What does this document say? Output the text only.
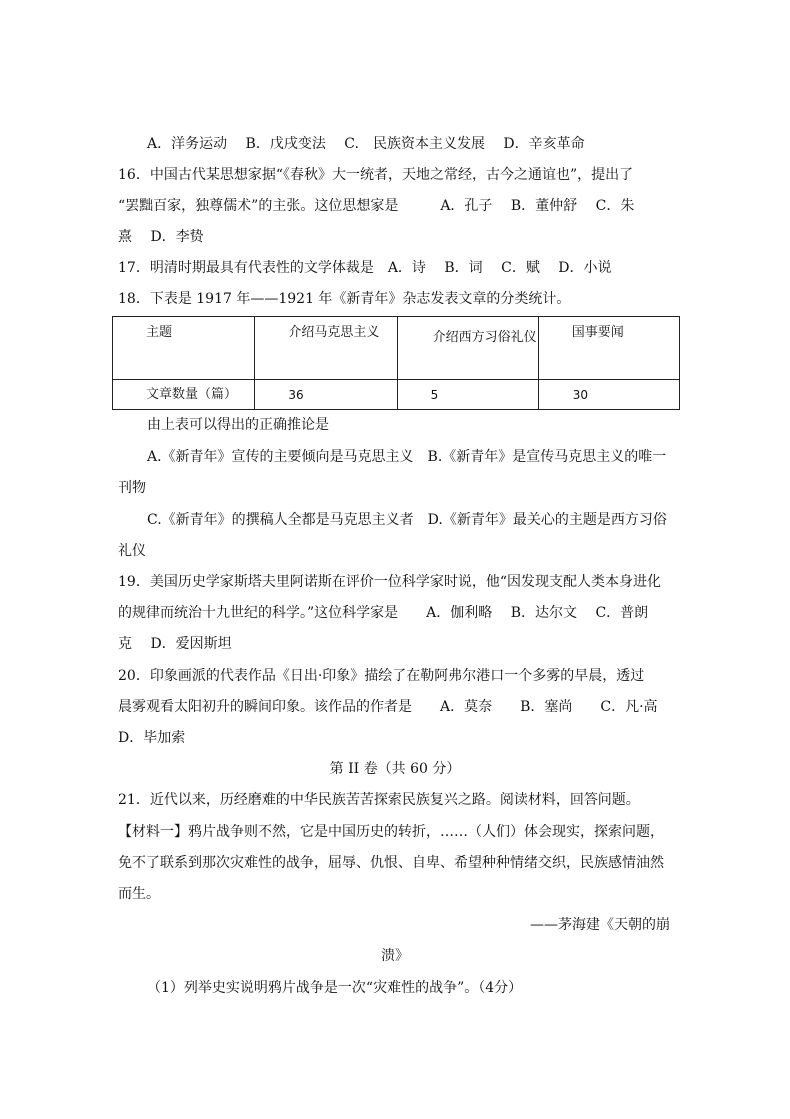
A．洋务运动　 B．戊戌变法　 C.　民族资本主义发展　 D．辛亥革命
16．中国古代某思想家据“《春秋》大一统者，天地之常经，古今之通谊也”，提出了
“罢黜百家，独尊儒术”的主张。这位思想家是　　　A．孔子　 B．董仲舒　 C．朱
熹　 D．李贽
17．明清时期最具有代表性的文学体裁是　A．诗　 B．词　 C．赋　 D．小说
18．下表是 1917 年——1921 年《新青年》杂志发表文章的分类统计。
主题	介绍马克思主义	介绍西方习俗礼仪	国事要闻

文章数量（篇）	36	5	30
由上表可以得出的正确推论是
A.《新青年》宣传的主要倾向是马克思主义　B.《新青年》是宣传马克思主义的唯一
刊物
C.《新青年》的撰稿人全都是马克思主义者　D.《新青年》最关心的主题是西方习俗
礼仪
19．美国历史学家斯塔夫里阿诺斯在评价一位科学家时说，他“因发现支配人类本身进化
的规律而统治十九世纪的科学。”这位科学家是　　A．伽利略　 B．达尔文　 C．普朗
克　 D．爱因斯坦
20．印象画派的代表作品《日出·印象》描绘了在勒阿弗尔港口一个多雾的早晨，透过
晨雾观看太阳初升的瞬间印象。该作品的作者是　　A．莫奈　　B．塞尚　　C．凡·高
D．毕加索
第 II 卷（共 60 分）
21．近代以来，历经磨难的中华民族苦苦探索民族复兴之路。阅读材料，回答问题。
【材料一】鸦片战争则不然，它是中国历史的转折，……（人们）体会现实，探索问题，
免不了联系到那次灾难性的战争，屈辱、仇恨、自卑、希望种种情绪交织，民族感情油然
而生。
——茅海建《天朝的崩
溃》
（1）列举史实说明鸦片战争是一次“灾难性的战争”。（4分）
